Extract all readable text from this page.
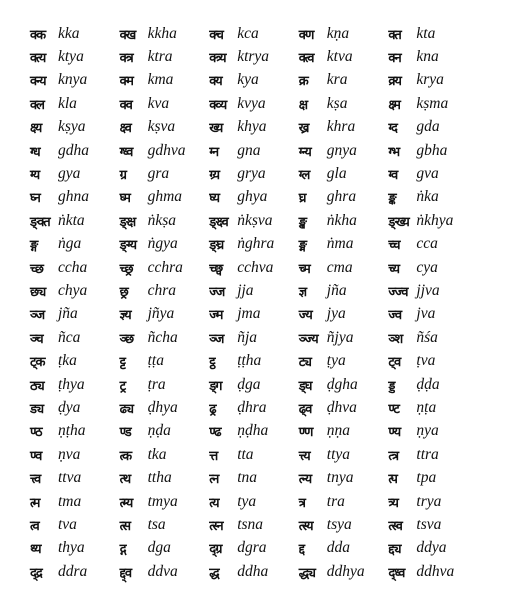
क्क kka	क्ख kkha क्च kca	क्ण kṇa	क्त	kta
क्त्य ktya	क्त्र ktra	क्त्र्य ktrya क्त्व ktva	क्न	kna
क्न्य knya क्म kma	क्य	kya	क्र	kra	क्र्य	krya
क्ल kla	क्व	kva	क्व्य kvya	क्ष	kṣa	क्ष्म	kṣma
क्ष्य	kṣya	क्ष्व	kṣva	ख्य khya ख्र	khra	ग्द	gda
ग्ध	gdha ग्ध्व gdhva ग्न	gna	ग्न्य	gnya ग्भ	gbha
ग्य	gya	ग्र	gra	ग्र्य	grya	ग्ल	gla	ग्व	gva
घ्न	ghna घ्म	ghma घ्य	ghya घ्र	ghra ङ्क	ṅka
ङ्क्त ṅkta	ङ्क्ष ṅkṣa	ङ्क्ष्व ṅkṣva ङ्ख	ṅkha ङ्ख्य ṅkhya
ङ्ग	ṅga	ङ्ग्य ṅgya ङ्घ्र ṅghra ङ्म	ṅma	च्च	cca
च्छ ccha च्छ्र cchra च्छ्व cchva च्म	cma	च्य	cya
छ्य chya छ्र	chra	ज्ज jja	ज्ञ	jña	ज्ज्व jjva
ञ्ज jña	ज्ञ्य	jñya	ज्म jma	ज्य jya	ज्व jva
ञ्च ñca	ञ्छ ñcha ञ्ज ñja	ञ्ज्य ñjya	ञ्श ñśa
ट्क ṭka	ट्ट	ṭṭa	ट्ठ	ṭṭha	ट्य	ṭya	ट्व	ṭva
ठ्य ṭhya	ट्र	ṭra	ड्ग	ḍga	ड्घ ḍgha ड्ड	ḍḍa
ड्य ḍya	ढ्य ḍhya ढ्र	ḍhra ढ्व ḍhva ण्ट	ṇṭa
ण्ठ	ṇṭha	ण्ड	ṇḍa	ण्ढ	ṇḍha ण्ण ṇṇa	ण्य	ṇya
ण्व	ṇva	त्क	tka	त्त	tta	त्त्य	ttya	त्त्र	ttra
त्त्व	ttva	त्थ	ttha	त्न	tna	त्न्य	tnya	त्प	tpa
त्म	tma	त्म्य tmya त्य	tya	त्र	tra	त्र्य	trya
त्व	tva	त्स	tsa	त्स्न tsna	त्स्य tsya	त्स्व tsva
थ्य	thya	द्ग	dga	द्ग्र	dgra द्द	dda	द्द्य	ddya
द्द्र	ddra द्द्व	ddva द्ध	ddha द्ध्य ddhya द्ध्व ddhva
